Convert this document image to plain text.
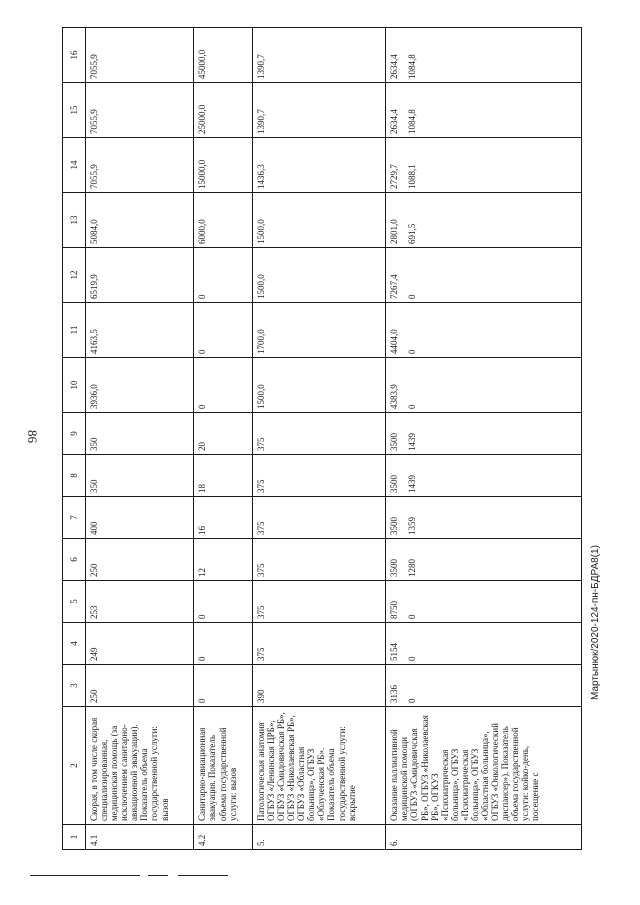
86
1	2	3	4	5	6	7	8	9	10	11	12	13	14	15	16
4.1	Скорая, в том числе скорая специализированная, медицинская помощь (за исключением санитарно-авиационной эвакуации). Показатель объема государственной услуги: вызов	250	249	253	250	400	350	350	3936,0	4163,5	6519,9	5084,0	7055,9	7055,9	7055,9

4.2	Санитарно-авиационная эвакуация. Показатель объема государственной услуги: вызов	0	0	0	12	16	18	20	0	0	0	6000,0	15000,0	25000,0	45000,0

5.	Патологическая анатомия ОГБУЗ «Ленинская ЦРБ», ОГБУЗ «Смидовичская РБ», ОГБУЗ «Николаевская РБ», ОГБУЗ «Областная больница», ОГБУЗ «Облученская РБ». Показатель объема государственной услуги: вскрытие	390	375	375	375	375	375	375	1500,0	1700,0	1500,0	1500,0	1436,3	1390,7	1390,7

6.	Оказание паллиативной медицинской помощи (ОГБУЗ «Смидовичская РБ», ОГБУЗ «Николаевская РБ», ОГКУЗ «Психиатрическая больница», ОГБУЗ «Психиатрическая больница», ОГБУЗ «Областная больница», ОГБУЗ «Онкологический диспансер»). Показатель объема государственной услуги: койко-день, посещение с	3136 0	5154 0	8750 0	3500 1280	3500 1359	3500 1439	3500 1439	4383,9 0	4404,0 0	7267,4 0	2801,0 691,5	2729,7 1088,1	2634,4 1084,8	2634,4 1084,8
Мартынюк/2020-124-пн-БДРА8(1)
